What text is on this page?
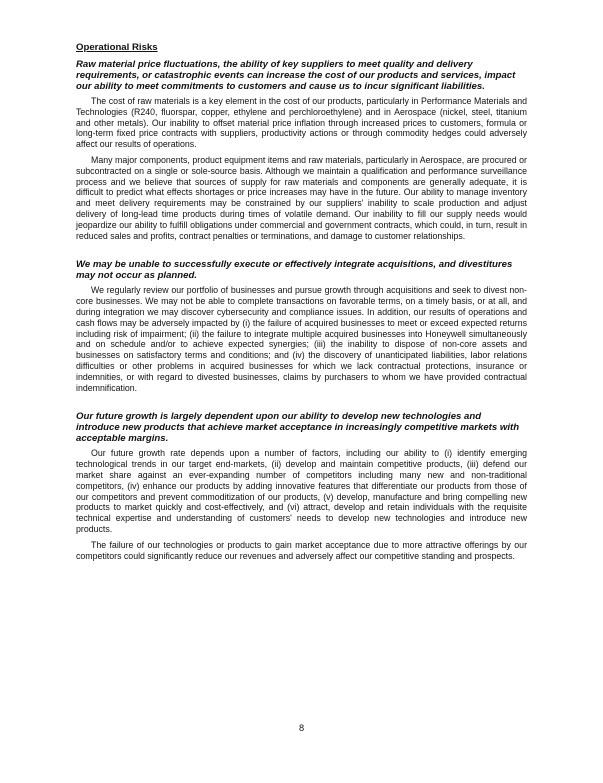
Operational Risks
Raw material price fluctuations, the ability of key suppliers to meet quality and delivery requirements, or catastrophic events can increase the cost of our products and services, impact our ability to meet commitments to customers and cause us to incur significant liabilities.

The cost of raw materials is a key element in the cost of our products, particularly in Performance Materials and Technologies (R240, fluorspar, copper, ethylene and perchloroethylene) and in Aerospace (nickel, steel, titanium and other metals). Our inability to offset material price inflation through increased prices to customers, formula or long-term fixed price contracts with suppliers, productivity actions or through commodity hedges could adversely affect our results of operations.

Many major components, product equipment items and raw materials, particularly in Aerospace, are procured or subcontracted on a single or sole-source basis. Although we maintain a qualification and performance surveillance process and we believe that sources of supply for raw materials and components are generally adequate, it is difficult to predict what effects shortages or price increases may have in the future. Our ability to manage inventory and meet delivery requirements may be constrained by our suppliers' inability to scale production and adjust delivery of long-lead time products during times of volatile demand. Our inability to fill our supply needs would jeopardize our ability to fulfill obligations under commercial and government contracts, which could, in turn, result in reduced sales and profits, contract penalties or terminations, and damage to customer relationships.

We may be unable to successfully execute or effectively integrate acquisitions, and divestitures may not occur as planned.

We regularly review our portfolio of businesses and pursue growth through acquisitions and seek to divest non-core businesses. We may not be able to complete transactions on favorable terms, on a timely basis, or at all, and during integration we may discover cybersecurity and compliance issues. In addition, our results of operations and cash flows may be adversely impacted by (i) the failure of acquired businesses to meet or exceed expected returns including risk of impairment; (ii) the failure to integrate multiple acquired businesses into Honeywell simultaneously and on schedule and/or to achieve expected synergies; (iii) the inability to dispose of non-core assets and businesses on satisfactory terms and conditions; and (iv) the discovery of unanticipated liabilities, labor relations difficulties or other problems in acquired businesses for which we lack contractual protections, insurance or indemnities, or with regard to divested businesses, claims by purchasers to whom we have provided contractual indemnification.

Our future growth is largely dependent upon our ability to develop new technologies and introduce new products that achieve market acceptance in increasingly competitive markets with acceptable margins.

Our future growth rate depends upon a number of factors, including our ability to (i) identify emerging technological trends in our target end-markets, (ii) develop and maintain competitive products, (iii) defend our market share against an ever-expanding number of competitors including many new and non-traditional competitors, (iv) enhance our products by adding innovative features that differentiate our products from those of our competitors and prevent commoditization of our products, (v) develop, manufacture and bring compelling new products to market quickly and cost-effectively, and (vi) attract, develop and retain individuals with the requisite technical expertise and understanding of customers' needs to develop new technologies and introduce new products.

The failure of our technologies or products to gain market acceptance due to more attractive offerings by our competitors could significantly reduce our revenues and adversely affect our competitive standing and prospects.

8
